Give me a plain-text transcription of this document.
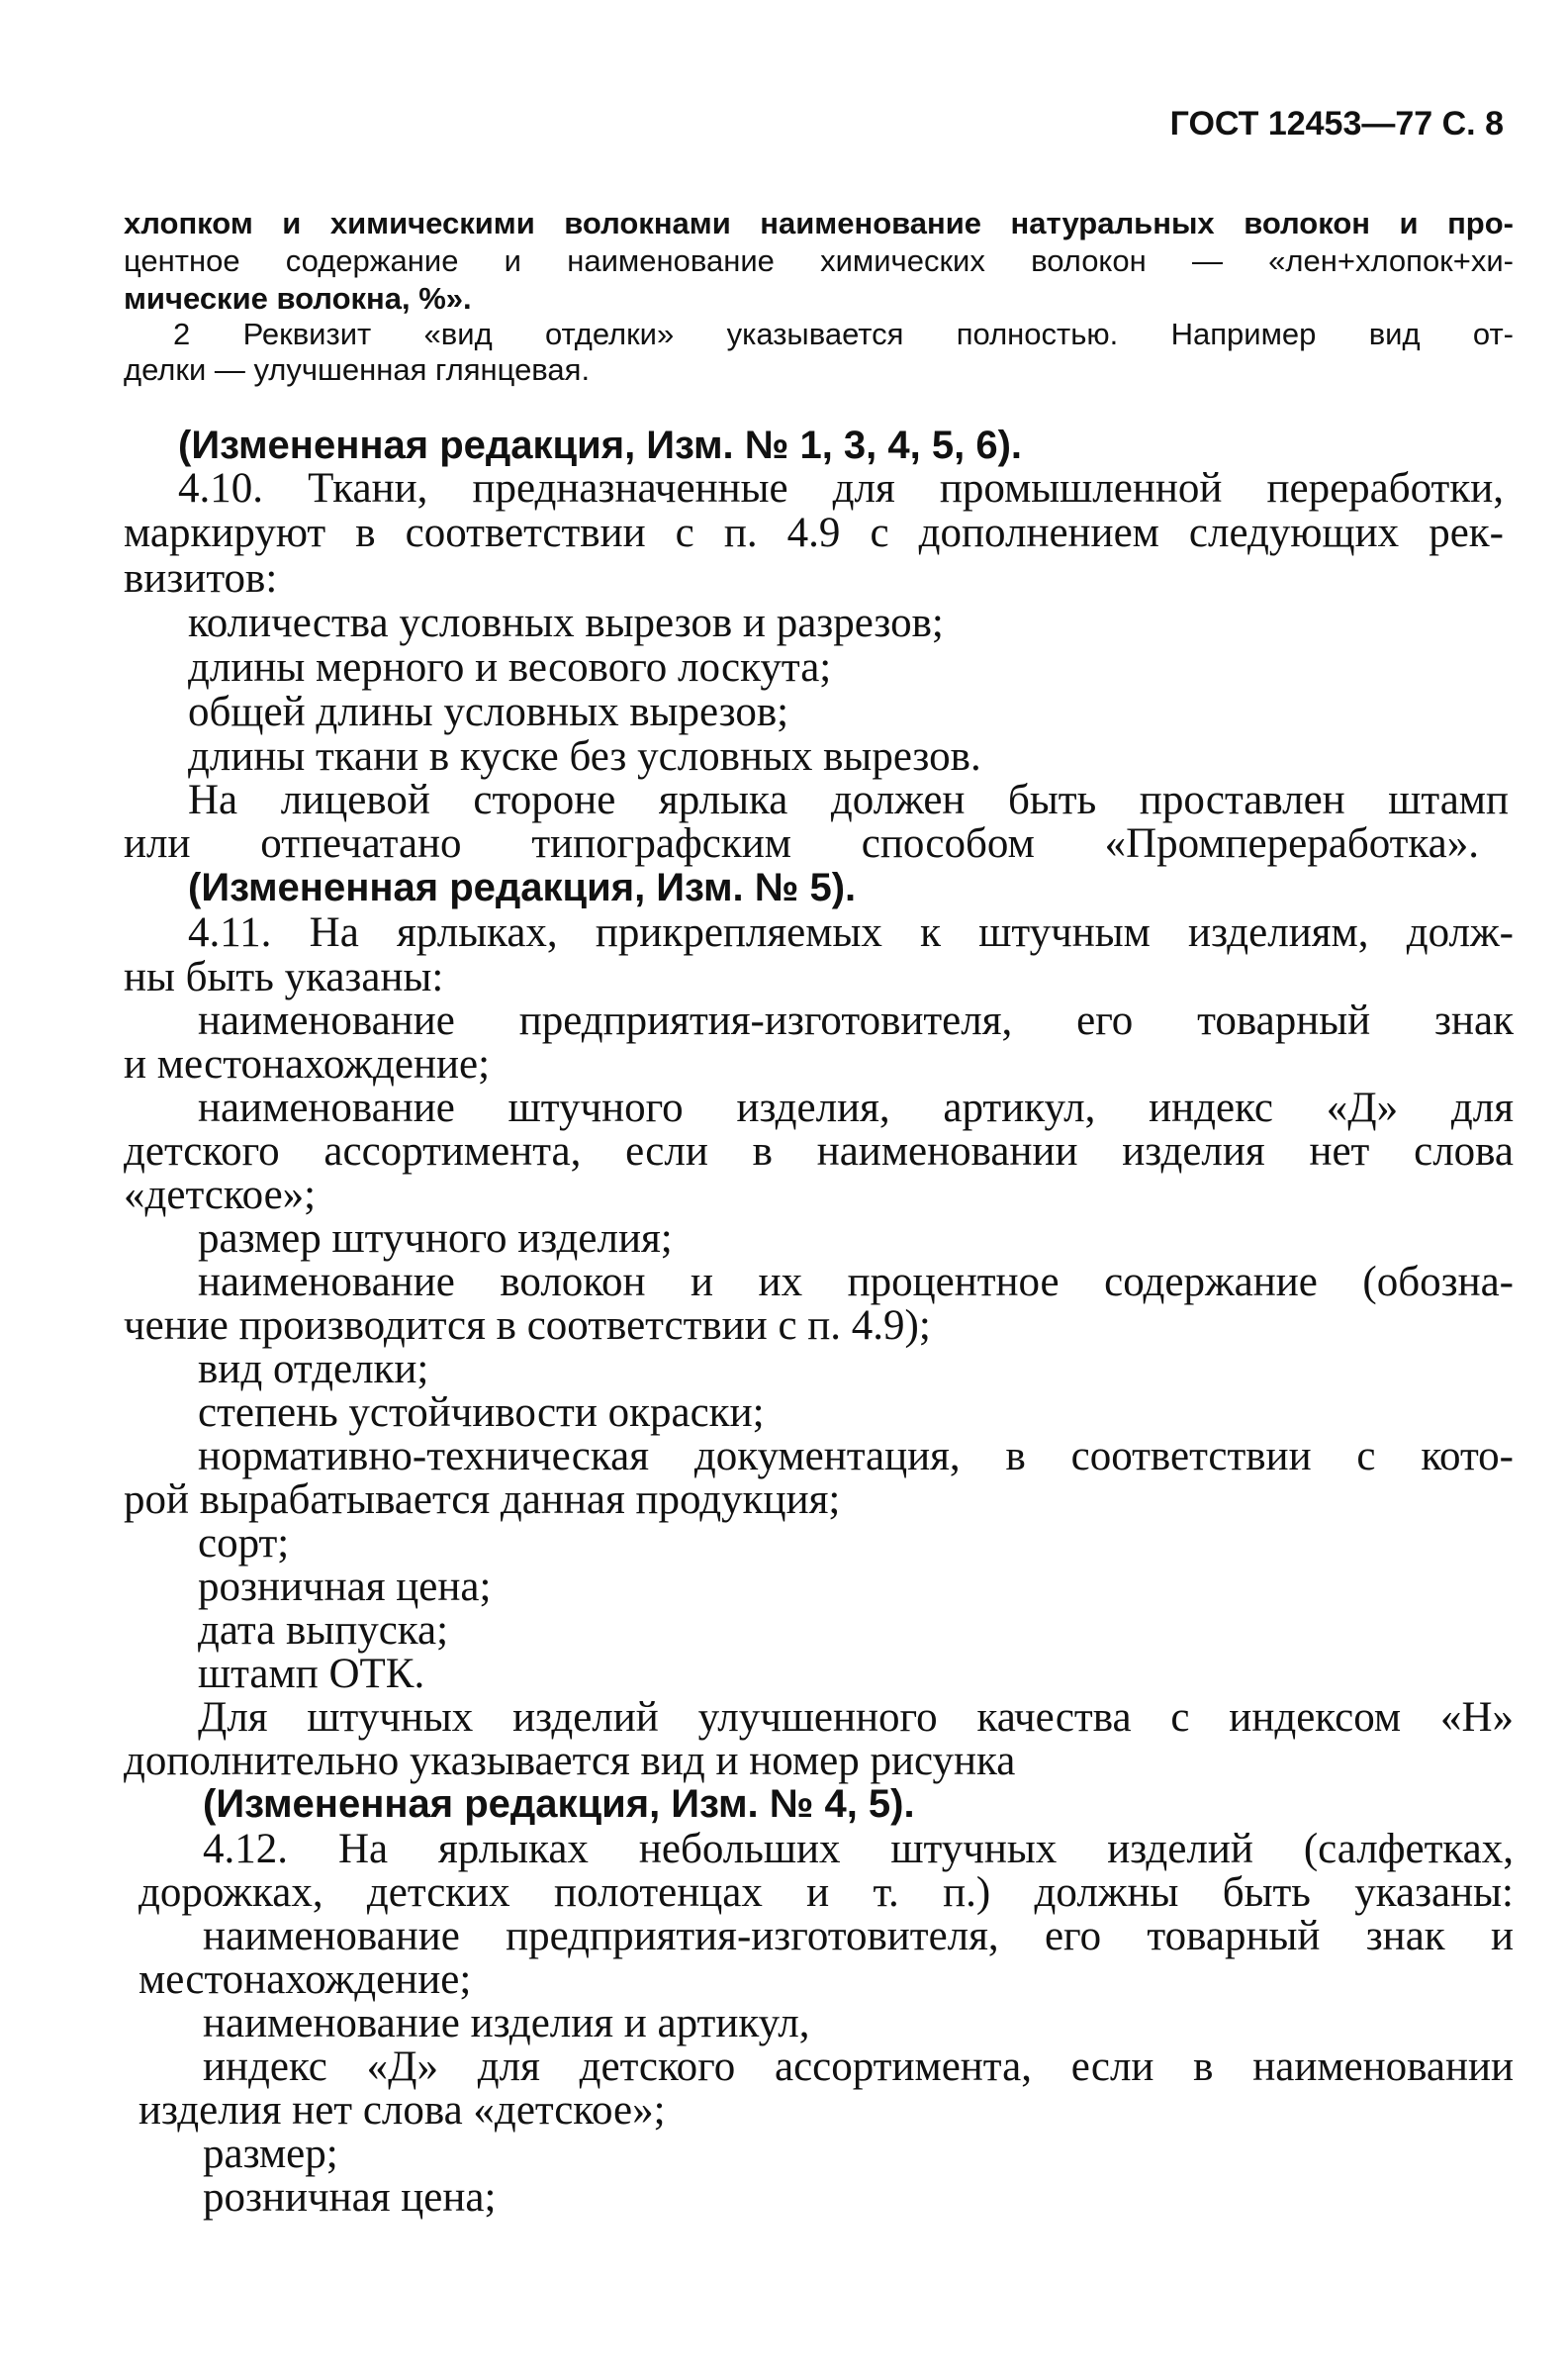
ГОСТ 12453—77 С. 8
хлопком и химическими волокнами наименование натуральных волокон и про-
центное содержание и наименование химических волокон — «лен+хлопок+хи-
мические волокна, %».
2 Реквизит «вид отделки» указывается полностью. Например вид от-
делки — улучшенная глянцевая.
(Измененная редакция, Изм. № 1, 3, 4, 5, 6).
4.10. Ткани, предназначенные для промышленной переработки,
маркируют в соответствии с п. 4.9 с дополнением следующих рек-
визитов:
количества условных вырезов и разрезов;
длины мерного и весового лоскута;
общей длины условных вырезов;
длины ткани в куске без условных вырезов.
На лицевой стороне ярлыка должен быть проставлен штамп
или отпечатано типографским способом «Промпереработка».
(Измененная редакция, Изм. № 5).
4.11. На ярлыках, прикрепляемых к штучным изделиям, долж-
ны быть указаны:
наименование предприятия-изготовителя, его товарный знак
и местонахождение;
наименование штучного изделия, артикул, индекс «Д» для
детского ассортимента, если в наименовании изделия нет слова
«детское»;
размер штучного изделия;
наименование волокон и их процентное содержание (обозна-
чение производится в соответствии с п. 4.9);
вид отделки;
степень устойчивости окраски;
нормативно-техническая документация, в соответствии с кото-
рой вырабатывается данная продукция;
сорт;
розничная цена;
дата выпуска;
штамп ОТК.
Для штучных изделий улучшенного качества с индексом «Н»
дополнительно указывается вид и номер рисунка
(Измененная редакция, Изм. № 4, 5).
4.12. На ярлыках небольших штучных изделий (салфетках,
дорожках, детских полотенцах и т. п.) должны быть указаны:
наименование предприятия-изготовителя, его товарный знак и
местонахождение;
наименование изделия и артикул,
индекс «Д» для детского ассортимента, если в наименовании
изделия нет слова «детское»;
размер;
розничная цена;
